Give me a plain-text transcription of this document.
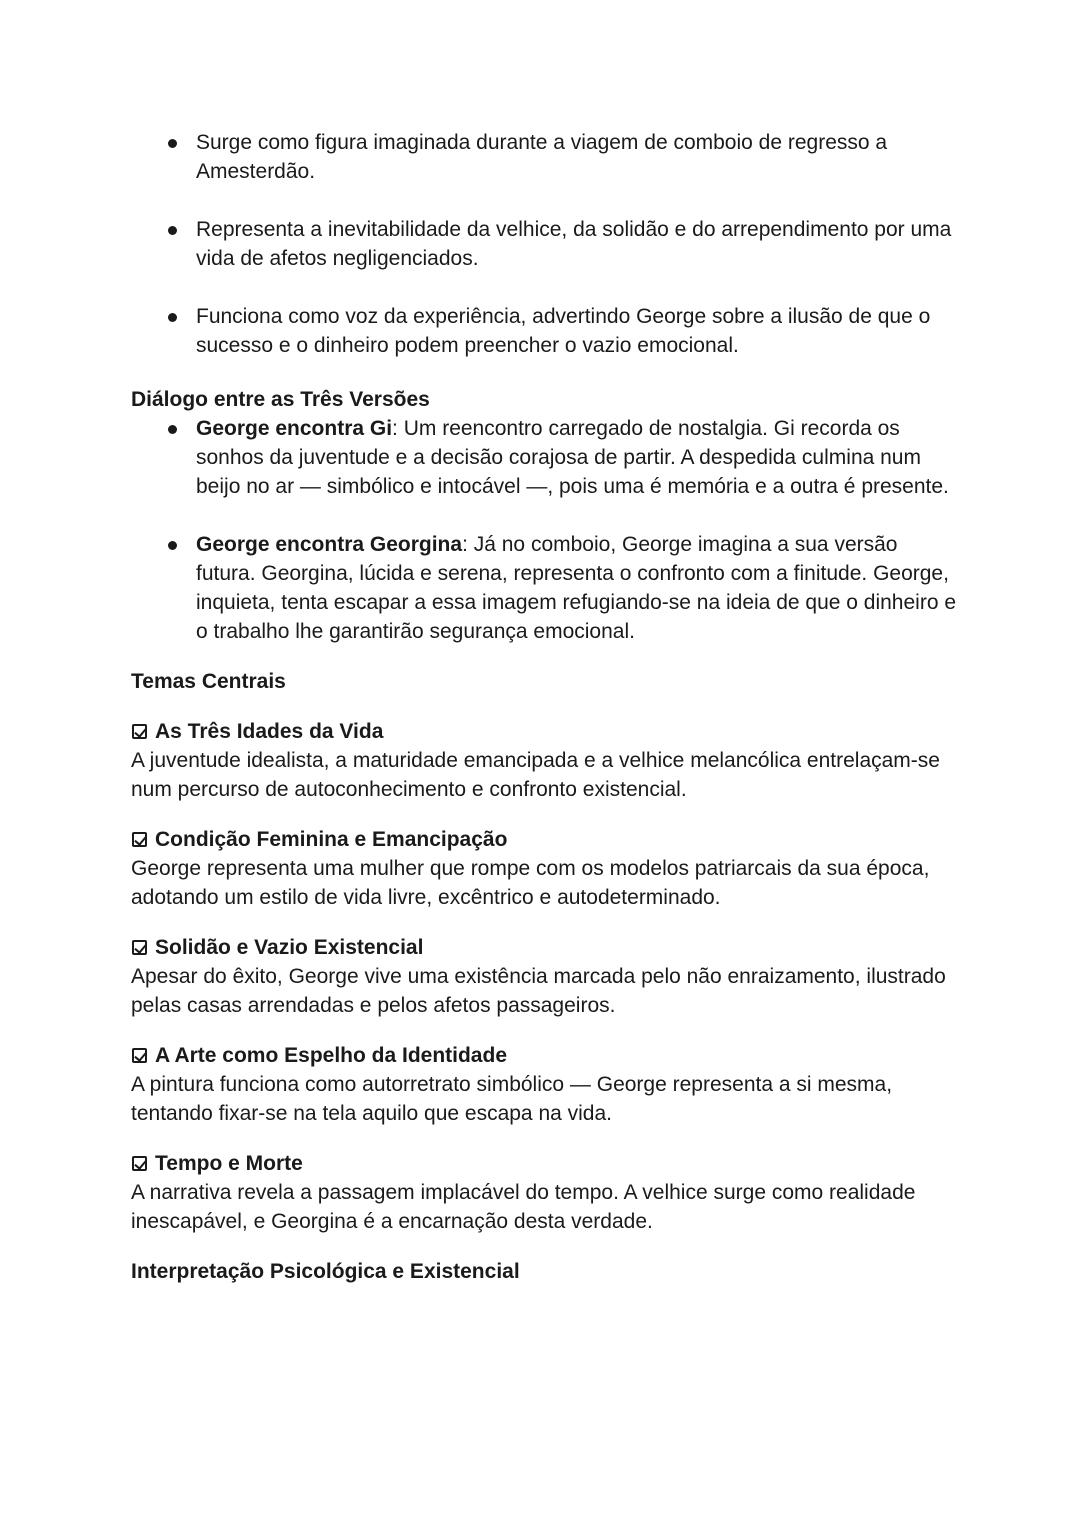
Surge como figura imaginada durante a viagem de comboio de regresso a Amesterdão.
Representa a inevitabilidade da velhice, da solidão e do arrependimento por uma vida de afetos negligenciados.
Funciona como voz da experiência, advertindo George sobre a ilusão de que o sucesso e o dinheiro podem preencher o vazio emocional.

Diálogo entre as Três Versões

George encontra Gi: Um reencontro carregado de nostalgia. Gi recorda os sonhos da juventude e a decisão corajosa de partir. A despedida culmina num beijo no ar — simbólico e intocável —, pois uma é memória e a outra é presente.
George encontra Georgina: Já no comboio, George imagina a sua versão futura. Georgina, lúcida e serena, representa o confronto com a finitude. George, inquieta, tenta escapar a essa imagem refugiando-se na ideia de que o dinheiro e o trabalho lhe garantirão segurança emocional.

Temas Centrais

As Três Idades da Vida

A juventude idealista, a maturidade emancipada e a velhice melancólica entrelaçam-se num percurso de autoconhecimento e confronto existencial.

Condição Feminina e Emancipação

George representa uma mulher que rompe com os modelos patriarcais da sua época, adotando um estilo de vida livre, excêntrico e autodeterminado.

Solidão e Vazio Existencial

Apesar do êxito, George vive uma existência marcada pelo não enraizamento, ilustrado pelas casas arrendadas e pelos afetos passageiros.

A Arte como Espelho da Identidade

A pintura funciona como autorretrato simbólico — George representa a si mesma, tentando fixar-se na tela aquilo que escapa na vida.

Tempo e Morte

A narrativa revela a passagem implacável do tempo. A velhice surge como realidade inescapável, e Georgina é a encarnação desta verdade.

Interpretação Psicológica e Existencial
